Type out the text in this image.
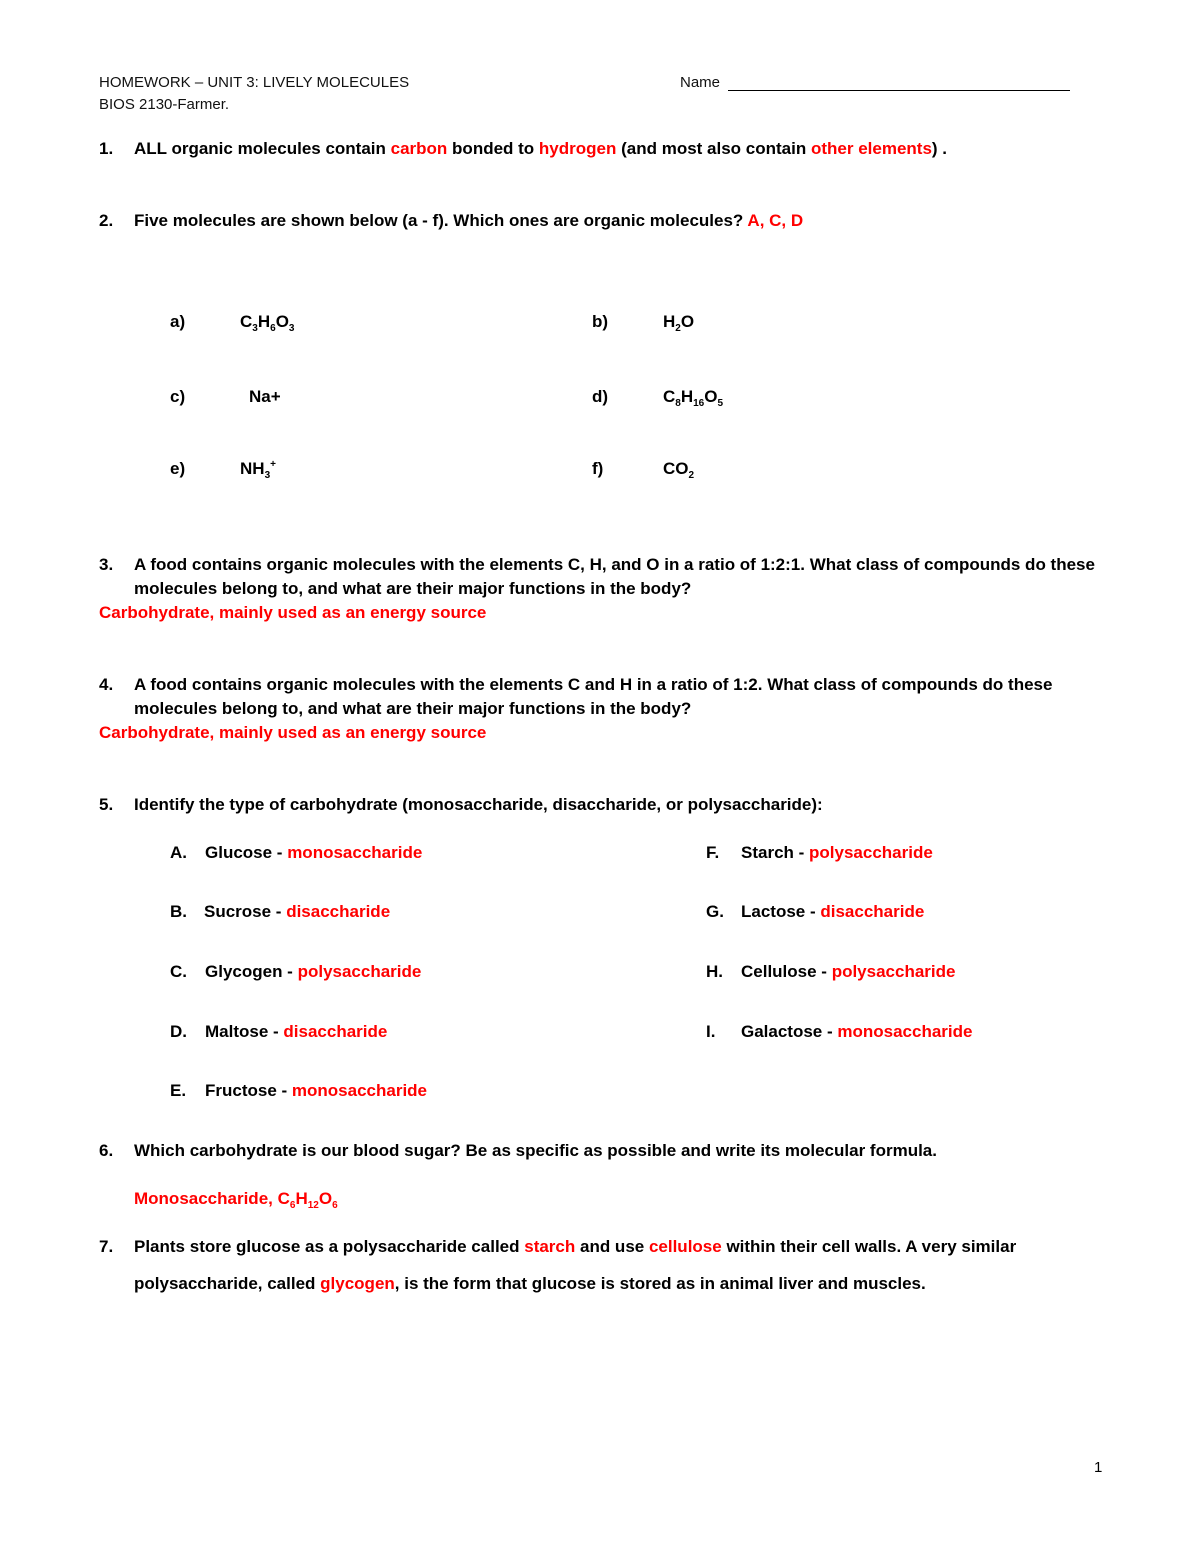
HOMEWORK – UNIT 3: LIVELY MOLECULES
BIOS 2130-Farmer.
Name
1. ALL organic molecules contain carbon bonded to hydrogen (and most also contain other elements) .
2. Five molecules are shown below (a - f). Which ones are organic molecules? A, C, D
a)	$C_3H_6O_3$	b)	$H_2O$
c)	Na+	d)	$C_8H_{16}O_5$
e)	$NH_3^+$	f)	$CO_2$
3. A food contains organic molecules with the elements C, H, and O in a ratio of 1:2:1. What class of compounds do these
molecules belong to, and what are their major functions in the body?
Carbohydrate, mainly used as an energy source
4. A food contains organic molecules with the elements C and H in a ratio of 1:2. What class of compounds do these
molecules belong to, and what are their major functions in the body?
Carbohydrate, mainly used as an energy source
5. Identify the type of carbohydrate (monosaccharide, disaccharide, or polysaccharide):
A. Glucose - monosaccharide
B. Sucrose - disaccharide
C. Glycogen - polysaccharide
D. Maltose - disaccharide
E. Fructose - monosaccharide
F. Starch - polysaccharide
G. Lactose - disaccharide
H. Cellulose - polysaccharide
I. Galactose - monosaccharide
6. Which carbohydrate is our blood sugar? Be as specific as possible and write its molecular formula.
Monosaccharide, $C_6H_{12}O_6$
7. Plants store glucose as a polysaccharide called starch and use cellulose within their cell walls. A very similar
polysaccharide, called glycogen, is the form that glucose is stored as in animal liver and muscles.
1
